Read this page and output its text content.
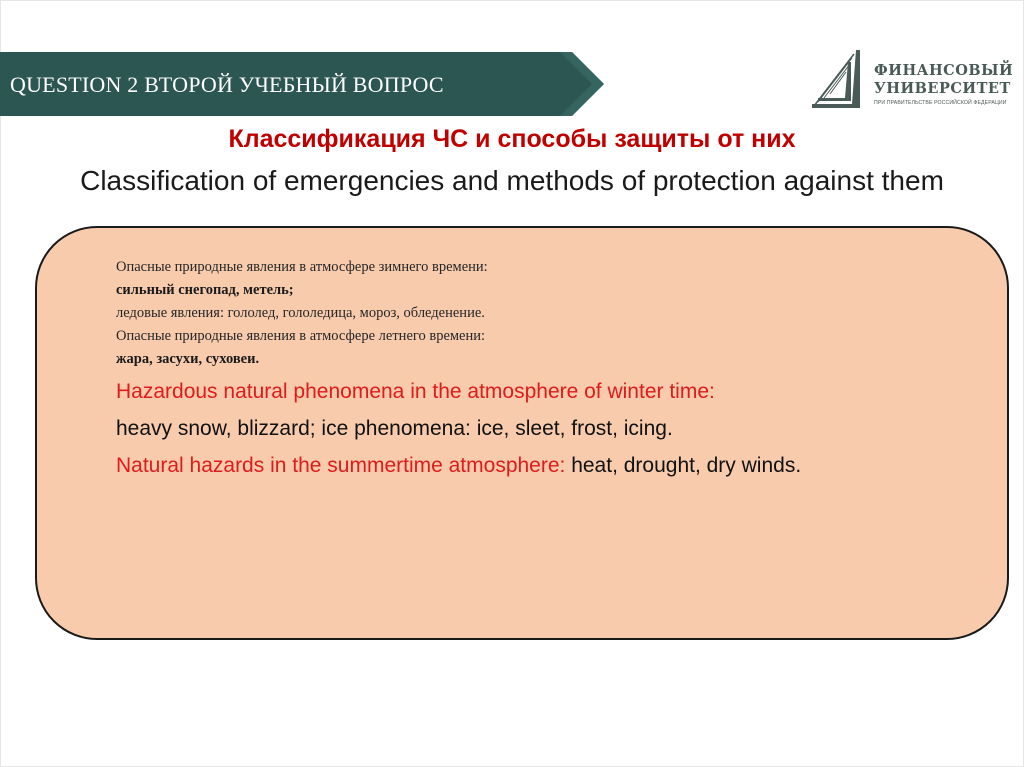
QUESTION 2 ВТОРОЙ УЧЕБНЫЙ ВОПРОС
ФИНАНСОВЫЙ
УНИВЕРСИТЕТ
ПРИ ПРАВИТЕЛЬСТВЕ РОССИЙСКОЙ ФЕДЕРАЦИИ
Классификация ЧС и способы защиты от них
Classification of emergencies and methods of protection against them
Опасные природные явления в атмосфере зимнего времени:
сильный снегопад, метель;
ледовые явления: гололед, гололедица, мороз, обледенение.
Опасные природные явления в атмосфере летнего времени:
жара, засухи, суховеи.
Hazardous natural phenomena in the atmosphere of winter time:
heavy snow, blizzard; ice phenomena: ice, sleet, frost, icing.
Natural hazards in the summertime atmosphere: heat, drought, dry winds.
